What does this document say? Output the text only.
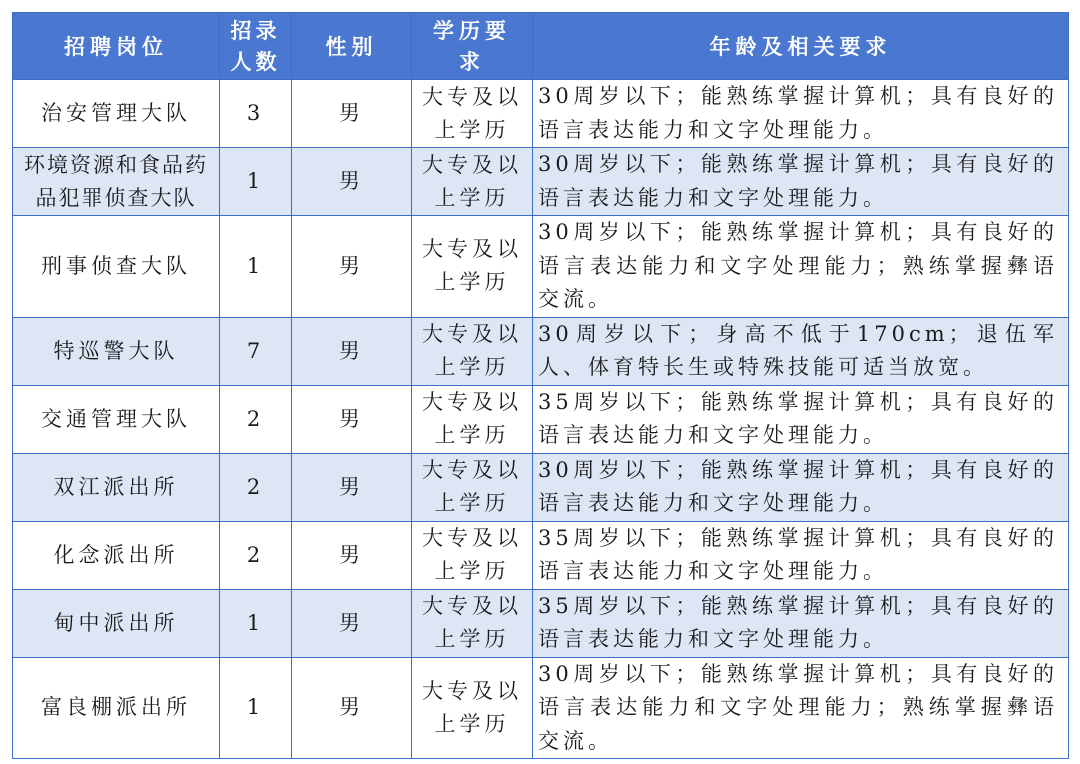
招聘岗位	招录人数	性别	学历要求	年龄及相关要求
治安管理大队	3	男	大专及以上学历	30周岁以下；能熟练掌握计算机；具有良好的语言表达能力和文字处理能力。
环境资源和食品药品犯罪侦查大队	1	男	大专及以上学历	30周岁以下；能熟练掌握计算机；具有良好的语言表达能力和文字处理能力。
刑事侦查大队	1	男	大专及以上学历	30周岁以下；能熟练掌握计算机；具有良好的语言表达能力和文字处理能力；熟练掌握彝语交流。
特巡警大队	7	男	大专及以上学历	30周岁以下；身高不低于170cm；退伍军人、体育特长生或特殊技能可适当放宽。
交通管理大队	2	男	大专及以上学历	35周岁以下；能熟练掌握计算机；具有良好的语言表达能力和文字处理能力。
双江派出所	2	男	大专及以上学历	30周岁以下；能熟练掌握计算机；具有良好的语言表达能力和文字处理能力。
化念派出所	2	男	大专及以上学历	35周岁以下；能熟练掌握计算机；具有良好的语言表达能力和文字处理能力。
甸中派出所	1	男	大专及以上学历	35周岁以下；能熟练掌握计算机；具有良好的语言表达能力和文字处理能力。
富良棚派出所	1	男	大专及以上学历	30周岁以下；能熟练掌握计算机；具有良好的语言表达能力和文字处理能力；熟练掌握彝语交流。
